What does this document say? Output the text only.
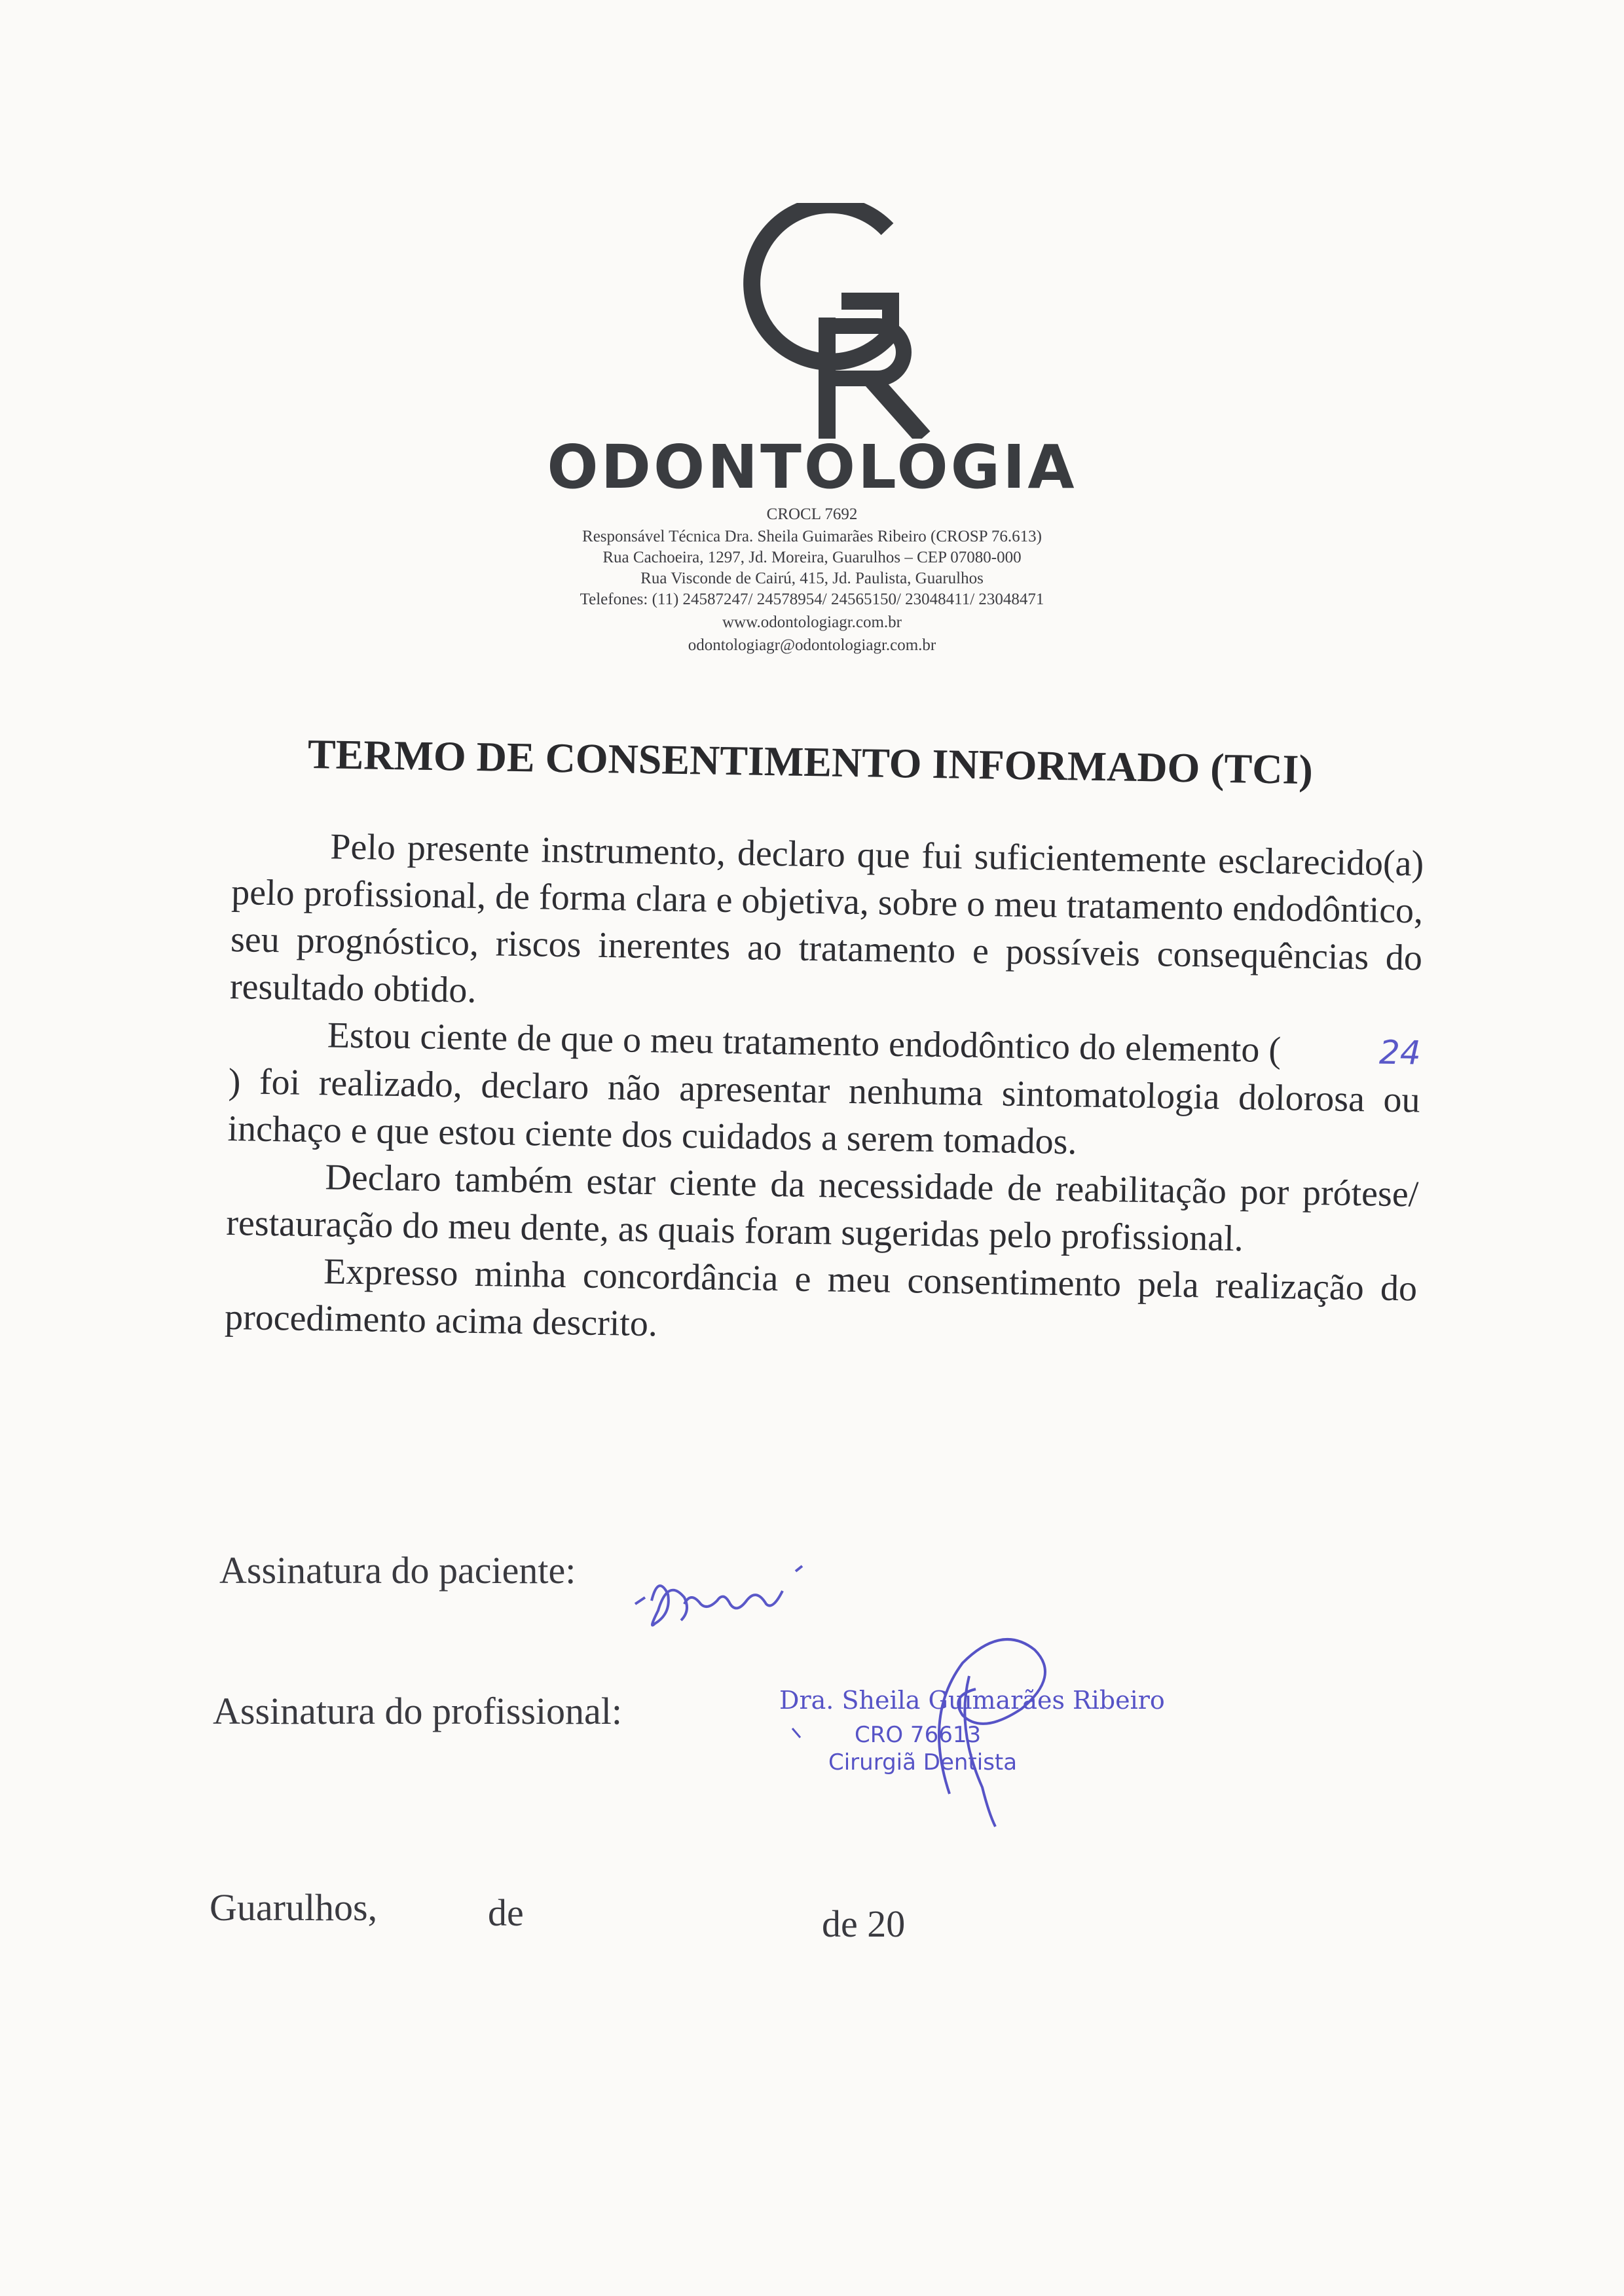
ODONTOLOGIA
CROCL 7692
Responsável Técnica Dra. Sheila Guimarães Ribeiro (CROSP 76.613)
Rua Cachoeira, 1297, Jd. Moreira, Guarulhos – CEP 07080-000
Rua Visconde de Cairú, 415, Jd. Paulista, Guarulhos
Telefones: (11) 24587247/ 24578954/ 24565150/ 23048411/ 23048471
www.odontologiagr.com.br
odontologiagr@odontologiagr.com.br
TERMO DE CONSENTIMENTO INFORMADO (TCI)

Pelo presente instrumento, declaro que fui suficientemente esclarecido(a) pelo profissional, de forma clara e objetiva, sobre o meu tratamento endodôntico, seu prognóstico, riscos inerentes ao tratamento e possíveis consequências do resultado obtido.

Estou ciente de que o meu tratamento endodôntico do elemento (	24) foi realizado, declaro não apresentar nenhuma sintomatologia dolorosa ou inchaço e que estou ciente dos cuidados a serem tomados.

Declaro também estar ciente da necessidade de reabilitação por prótese/ restauração do meu dente, as quais foram sugeridas pelo profissional.

Expresso minha concordância e meu consentimento pela realização do procedimento acima descrito.

Assinatura do paciente:
Assinatura do profissional:	Dra. Sheila Guimarães Ribeiro
CRO 76613
Cirurgiã Dentista
Guarulhos,	de	de 20
